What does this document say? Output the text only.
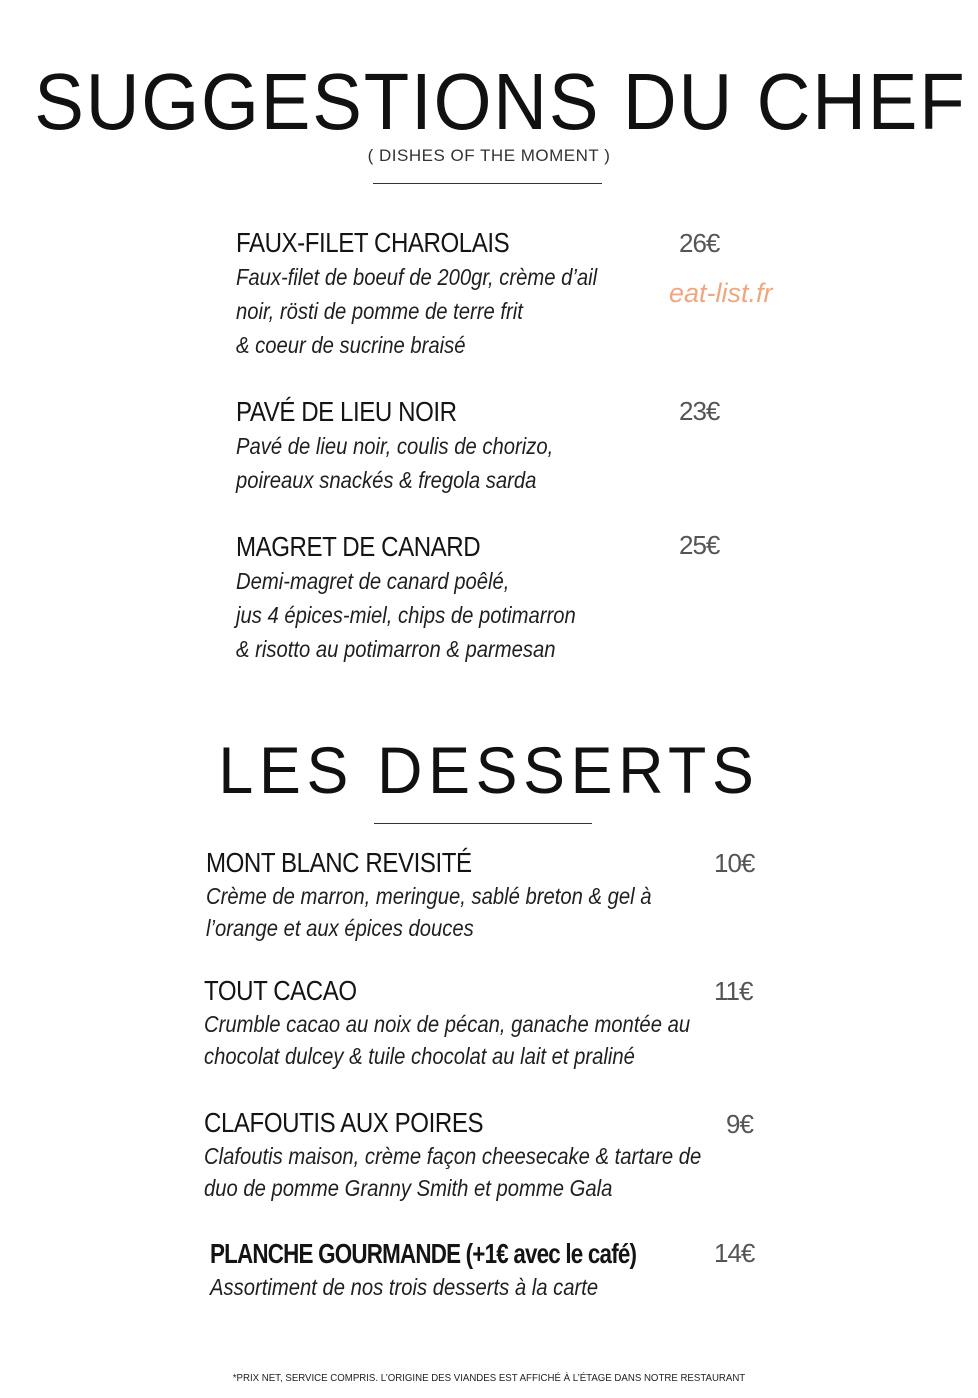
SUGGESTIONS DU CHEF
( DISHES OF THE MOMENT )
FAUX-FILET CHAROLAIS
Faux-filet de boeuf de 200gr, crème d’ail
noir, rösti de pomme de terre frit
& coeur de sucrine braisé
26€
eat-list.fr
PAVÉ DE LIEU NOIR
Pavé de lieu noir, coulis de chorizo,
poireaux snackés & fregola sarda
23€
MAGRET DE CANARD
Demi-magret de canard poêlé,
jus 4 épices-miel, chips de potimarron
& risotto au potimarron & parmesan
25€
LES DESSERTS
MONT BLANC REVISITÉ
Crème de marron, meringue, sablé breton & gel à
l’orange et aux épices douces
10€
TOUT CACAO
Crumble cacao au noix de pécan, ganache montée au
chocolat dulcey & tuile chocolat au lait et praliné
11€
CLAFOUTIS AUX POIRES
Clafoutis maison, crème façon cheesecake & tartare de
duo de pomme Granny Smith et pomme Gala
9€
PLANCHE GOURMANDE (+1€ avec le café)
Assortiment de nos trois desserts à la carte
14€
*PRIX NET, SERVICE COMPRIS. L’ORIGINE DES VIANDES EST AFFICHÉ À L’ÉTAGE DANS NOTRE RESTAURANT
